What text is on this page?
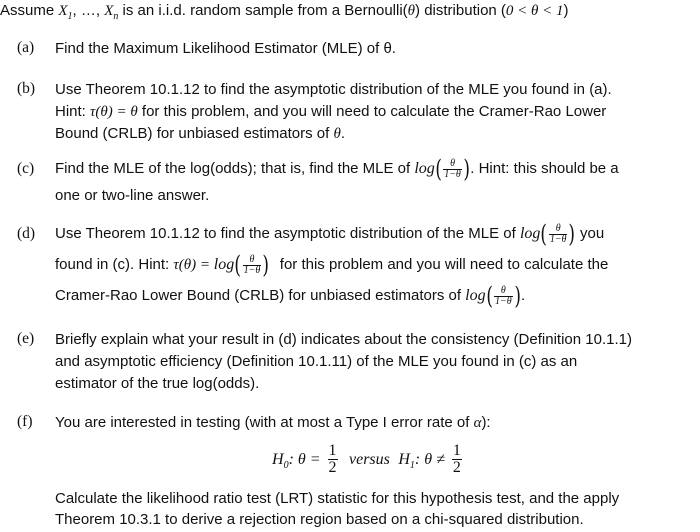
Assume $X_1$, …, $X_n$ is an i.i.d. random sample from a Bernoulli(θ) distribution (0 < θ < 1)
(a) Find the Maximum Likelihood Estimator (MLE) of θ.
(b) Use Theorem 10.1.12 to find the asymptotic distribution of the MLE you found in (a).
Hint: τ(θ) = θ for this problem, and you will need to calculate the Cramer-Rao Lower
Bound (CRLB) for unbiased estimators of θ.
(c) Find the MLE of the log(odds); that is, find the MLE of $\log( \frac{\theta}{1-\theta}$ ). Hint: this should be a
one or two-line answer.
(d) Use Theorem 10.1.12 to find the asymptotic distribution of the MLE of $\log( \frac{\theta}{1-\theta}$ ) you
found in (c). Hint: $\tau(\theta) = \log( \frac{\theta}{1-\theta}$ ) for this problem and you will need to calculate the
Cramer-Rao Lower Bound (CRLB) for unbiased estimators of $\log( \frac{\theta}{1-\theta}$ ).
(e) Briefly explain what your result in (d) indicates about the consistency (Definition 10.1.1)
and asymptotic efficiency (Definition 10.1.11) of the MLE you found in (c) as an
estimator of the true log(odds).
(f) You are interested in testing (with at most a Type I error rate of α):
$H_0$: $\theta = \frac{1}{2}$ versus $H_1$: $\theta \ne \frac{1}{2}$
Calculate the likelihood ratio test (LRT) statistic for this hypothesis test, and the apply
Theorem 10.3.1 to derive a rejection region based on a chi-squared distribution.
